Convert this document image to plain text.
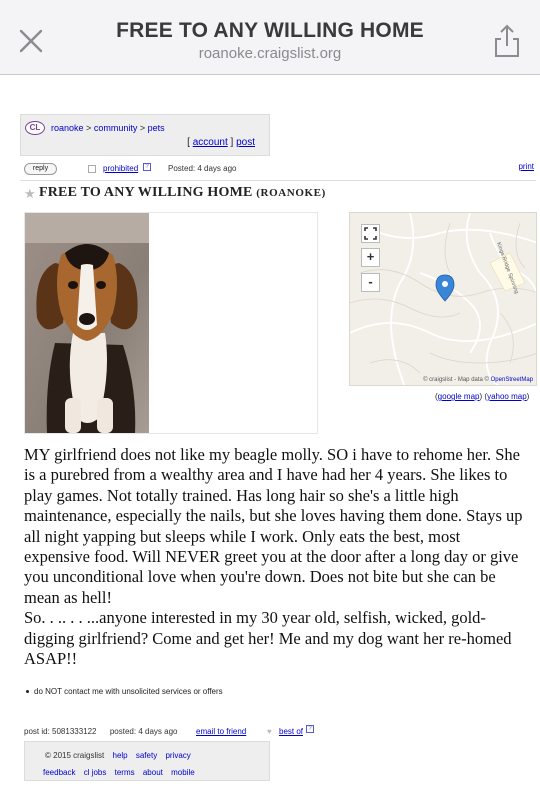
FREE TO ANY WILLING HOME
roanoke.craigslist.org
CL	roanoke > community > pets
[ account ] post
reply	prohibited	? Posted: 4 days ago	print
★ FREE TO ANY WILLING HOME (ROANOKE)
Kings Bridge Spinning
+
-
© craigslist - Map data © OpenStreetMap
(google map) (yahoo map)

MY girlfriend does not like my beagle molly. SO i have to rehome her. She is a purebred from a wealthy area and I have had her 4 years. She likes to play games. Not totally trained. Has long hair so she's a little high maintenance, especially the nails, but she loves having them done. Stays up all night yapping but sleeps while I work. Only eats the best, most expensive food. Will NEVER greet you at the door after a long day or give you unconditional love when you're down. Does not bite but she can be mean as hell!

So. . .. . . ...anyone interested in my 30 year old, selfish, wicked, gold-digging girlfriend? Come and get her! Me and my dog want her re-homed ASAP!!

do NOT contact me with unsolicited services or offers
post id: 5081333122 posted: 4 days ago email to friend	♥ best of ?
© 2015 craigslist help safety privacy
feedback cl jobs terms about mobile
